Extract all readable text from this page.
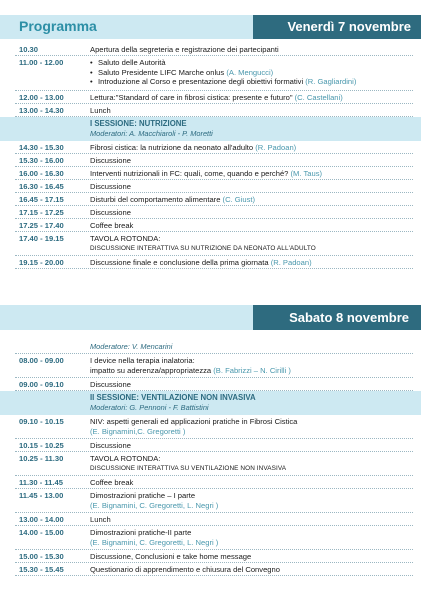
Programma	Venerdì 7 novembre
10.30	Apertura della segreteria e registrazione dei partecipanti
11.00 - 12.00
•	Saluto delle Autorità
• Saluto Presidente LIFC Marche onlus (A. Mengucci)
• Introduzione al Corso e presentazione degli obiettivi formativi (R. Gagliardini)
12.00 - 13.00	Lettura:"Standard of care in fibrosi cistica: presente e futuro" (C. Castellani)
13.00 - 14.30	Lunch
I SESSIONE: NUTRIZIONE
Moderatori: A. Macchiaroli - P. Moretti
14.30 - 15.30	Fibrosi cistica: la nutrizione da neonato all'adulto (R. Padoan)
15.30 - 16.00	Discussione
16.00 - 16.30	Interventi nutrizionali in FC: quali, come, quando e perché? (M. Taus)
16.30 - 16.45	Discussione
16.45 - 17.15	Disturbi del comportamento alimentare (C. Giust)
17.15 - 17.25	Discussione
17.25 - 17.40	Coffee break
17.40 - 19.15	TAVOLA ROTONDA:
DISCUSSIONE INTERATTIVA SU NUTRIZIONE DA NEONATO ALL'ADULTO
19.15 - 20.00	Discussione finale e conclusione della prima giornata (R. Padoan)
Sabato 8 novembre
Moderatore: V. Mencarini
08.00 - 09.00	I device nella terapia inalatoria:
impatto su aderenza/appropriatezza (B. Fabrizzi – N. Cirilli )
09.00 - 09.10	Discussione
II SESSIONE: VENTILAZIONE NON INVASIVA
Moderatori: G. Pennoni - F. Battistini
09.10 - 10.15	NIV: aspetti generali ed applicazioni pratiche in Fibrosi Cistica
(E. Bignamini,C. Gregoretti )
10.15 - 10.25	Discussione
10.25 - 11.30	TAVOLA ROTONDA:
DISCUSSIONE INTERATTIVA SU VENTILAZIONE NON INVASIVA
11.30 - 11.45	Coffee break
11.45 - 13.00	Dimostrazioni pratiche – I parte
(E. Bignamini, C. Gregoretti, L. Negri )
13.00 - 14.00	Lunch
14.00 - 15.00	Dimostrazioni pratiche-II parte
(E. Bignamini, C. Gregoretti, L. Negri )
15.00 - 15.30	Discussione, Conclusioni e take home message
15.30 - 15.45	Questionario di apprendimento e chiusura del Convegno
